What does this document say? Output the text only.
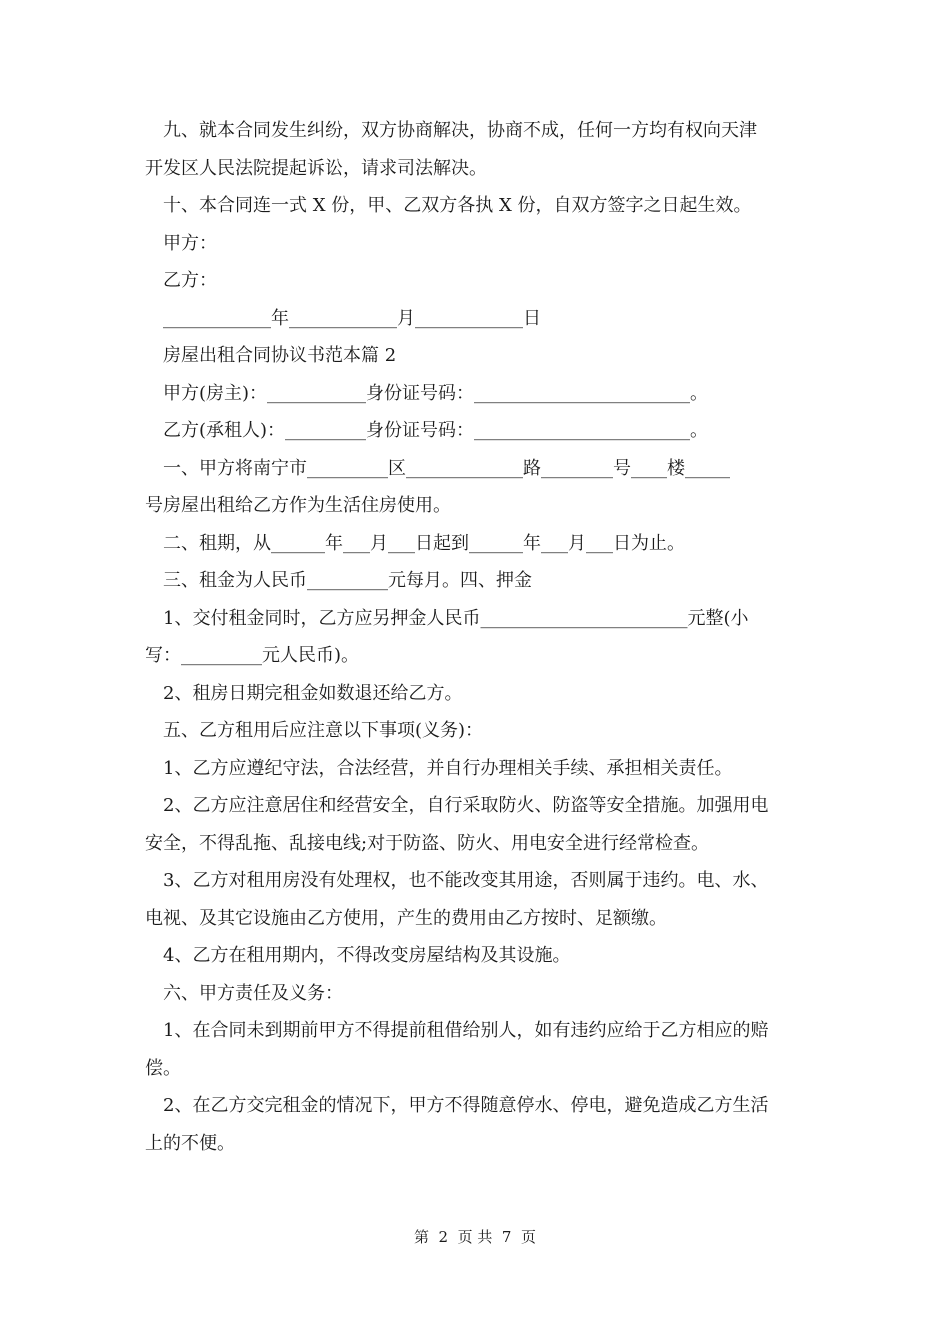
九、就本合同发生纠纷，双方协商解决，协商不成，任何一方均有权向天津
开发区人民法院提起诉讼，请求司法解决。
十、本合同连一式 X 份，甲、乙双方各执 X 份，自双方签字之日起生效。
甲方：
乙方：
____________年____________月____________日
房屋出租合同协议书范本篇 2
甲方(房主)：___________身份证号码：________________________。
乙方(承租人)：_________身份证号码：________________________。
一、甲方将南宁市_________区_____________路________号____楼_____
号房屋出租给乙方作为生活住房使用。
二、租期，从______年___月___日起到______年___月___日为止。
三、租金为人民币_________元每月。四、押金
1、交付租金同时，乙方应另押金人民币_______________________元整(小
写：_________元人民币)。
2、租房日期完租金如数退还给乙方。
五、乙方租用后应注意以下事项(义务)：
1、乙方应遵纪守法，合法经营，并自行办理相关手续、承担相关责任。
2、乙方应注意居住和经营安全，自行采取防火、防盗等安全措施。加强用电
安全，不得乱拖、乱接电线;对于防盗、防火、用电安全进行经常检查。
3、乙方对租用房没有处理权，也不能改变其用途，否则属于违约。电、水、
电视、及其它设施由乙方使用，产生的费用由乙方按时、足额缴。
4、乙方在租用期内，不得改变房屋结构及其设施。
六、甲方责任及义务：
1、在合同未到期前甲方不得提前租借给别人，如有违约应给于乙方相应的赔
偿。
2、在乙方交完租金的情况下，甲方不得随意停水、停电，避免造成乙方生活
上的不便。
第  2  页 共  7  页
